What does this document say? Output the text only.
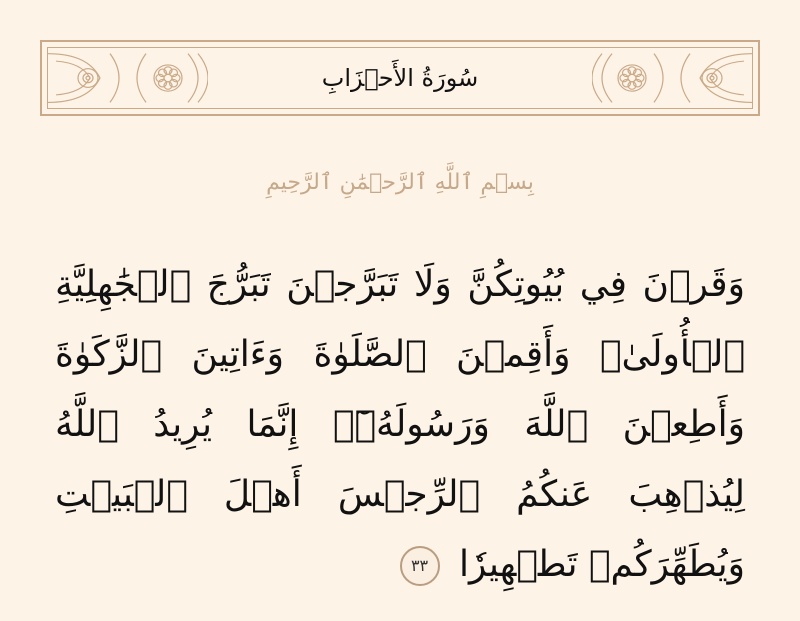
سُورَةُ الأَحۡزَابِ
بِسۡمِ ٱللَّهِ ٱلرَّحۡمَٰنِ ٱلرَّحِيمِ
وَقَرۡنَ فِي بُيُوتِكُنَّ وَلَا تَبَرَّجۡنَ تَبَرُّجَ ٱلۡجَٰهِلِيَّةِ ٱلۡأُولَىٰۖ وَأَقِمۡنَ ٱلصَّلَوٰةَ وَءَاتِينَ ٱلزَّكَوٰةَ وَأَطِعۡنَ ٱللَّهَ وَرَسُولَهُۥٓۚ إِنَّمَا يُرِيدُ ٱللَّهُ لِيُذۡهِبَ عَنكُمُ ٱلرِّجۡسَ أَهۡلَ ٱلۡبَيۡتِ وَيُطَهِّرَكُمۡ تَطۡهِيرٗا ٣٣
